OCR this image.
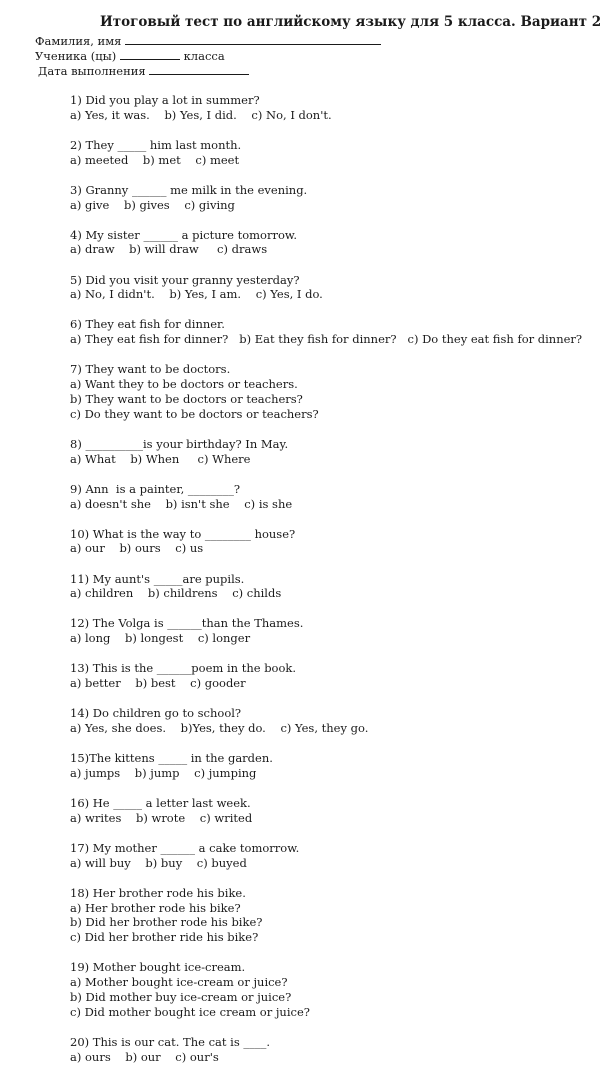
Итоговый тест по английскому языку для 5 класса. Вариант 2
Фамилия, имя
Ученика (цы)	класса
Дата выполнения
1) Did you play a lot in summer?
a) Yes, it was.    b) Yes, I did.    c) No, I don't.
2) They _____ him last month.
a) meeted    b) met    c) meet
3) Granny ______ me milk in the evening.
a) give    b) gives    c) giving
4) My sister ______ a picture tomorrow.
a) draw    b) will draw     c) draws
5) Did you visit your granny yesterday?
a) No, I didn't.    b) Yes, I am.    c) Yes, I do.
6) They eat fish for dinner.
a) They eat fish for dinner?   b) Eat they fish for dinner?   c) Do they eat fish for dinner?
7) They want to be doctors.
a) Want they to be doctors or teachers.
b) They want to be doctors or teachers?
c) Do they want to be doctors or teachers?
8) __________is your birthday? In May.
a) What    b) When     c) Where
9) Ann  is a painter, ________?
a) doesn't she    b) isn't she    c) is she
10) What is the way to ________ house?
a) our    b) ours    c) us
11) My aunt's _____are pupils.
a) children    b) childrens    c) childs
12) The Volga is ______than the Thames.
a) long    b) longest    c) longer
13) This is the ______poem in the book.
a) better    b) best    c) gooder
14) Do children go to school?
a) Yes, she does.    b)Yes, they do.    c) Yes, they go.
15)The kittens _____ in the garden.
a) jumps    b) jump    c) jumping
16) He _____ a letter last week.
a) writes    b) wrote    c) writed
17) My mother ______ a cake tomorrow.
a) will buy    b) buy    c) buyed
18) Her brother rode his bike.
a) Her brother rode his bike?
b) Did her brother rode his bike?
c) Did her brother ride his bike?
19) Mother bought ice-cream.
a) Mother bought ice-cream or juice?
b) Did mother buy ice-cream or juice?
c) Did mother bought ice cream or juice?
20) This is our cat. The cat is ____.
a) ours    b) our    c) our's
